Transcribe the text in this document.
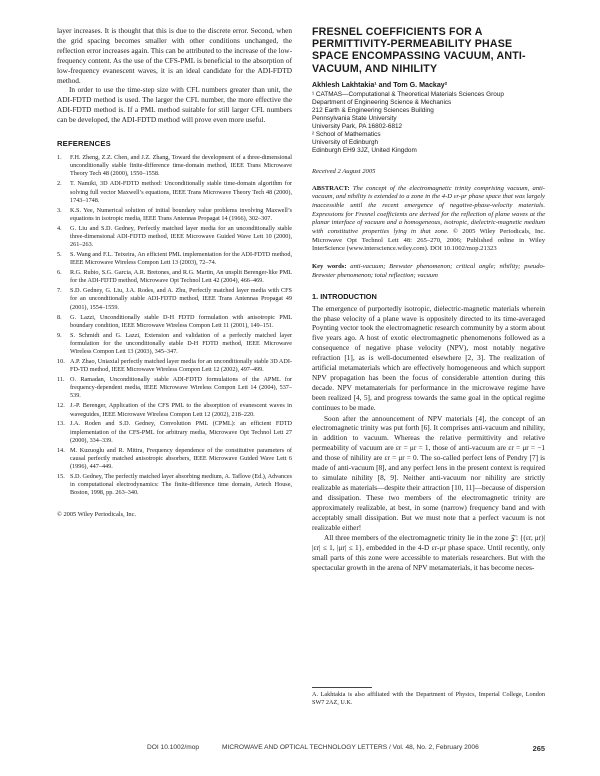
layer increases. It is thought that this is due to the discrete error. Second, when the grid spacing becomes smaller with other conditions unchanged, the reflection error increases again. This can be attributed to the increase of the low-frequency content. As the use of the CFS-PML is beneficial to the absorption of low-frequency evanescent waves, it is an ideal candidate for the ADI-FDTD method.

In order to use the time-step size with CFL numbers greater than unit, the ADI-FDTD method is used. The larger the CFL number, the more effective the ADI-FDTD method is. If a PML method suitable for still larger CFL numbers can be developed, the ADI-FDTD method will prove even more useful.

REFERENCES
1. F.H. Zheng, Z.Z. Chen, and J.Z. Zhang, Toward the development of a three-dimensional unconditionally stable finite-difference time-domain method, IEEE Trans Microwave Theory Tech 48 (2000), 1550–1558.
2. T. Namiki, 3D ADI-FDTD method: Unconditionally stable time-domain algorithm for solving full vector Maxwell’s equations, IEEE Trans Microwave Theory Tech 48 (2000), 1743–1748.
3. K.S. Yee, Numerical solution of initial boundary value problems involving Maxwell’s equations in isotropic media, IEEE Trans Antennas Propagat 14 (1966), 302–307.
4. G. Liu and S.D. Gedney, Perfectly matched layer media for an unconditionally stable three-dimensional ADI-FDTD method, IEEE Microwave Guided Wave Lett 10 (2000), 261–263.
5. S. Wang and F.L. Teixeira, An efficient PML implementation for the ADI-FDTD method, IEEE Microwave Wireless Compon Lett 13 (2003), 72–74.
6. R.G. Rubio, S.G. Garcia, A.R. Bretones, and R.G. Martin, An unsplit Berenger-like PML for the ADI-FDTD method, Microwave Opt Technol Lett 42 (2004), 466–469.
7. S.D. Gedney, G. Liu, J.A. Rodes, and A. Zhu, Perfectly matched layer media with CFS for an unconditionally stable ADI-FDTD method, IEEE Trans Antennas Propagat 49 (2001), 1554–1559.
8. G. Lazzi, Unconditionally stable D-H FDTD formulation with anisotropic PML boundary condition, IEEE Microwave Wireless Compon Lett 11 (2001), 149–151.
9. S. Schmidt and G. Lazzi, Extension and validation of a perfectly matched layer formulation for the unconditionally stable D-H FDTD method, IEEE Microwave Wireless Compon Lett 13 (2003), 345–347.
10. A.P. Zhao, Uniaxial perfectly matched layer media for an unconditionally stable 3D ADI-FD-TD method, IEEE Microwave Wireless Compon Lett 12 (2002), 497–499.
11. O. Ramadan, Unconditionally stable ADI-FDTD formulations of the APML for frequency-dependent media, IEEE Microwave Wireless Compon Lett 14 (2004), 537–539.
12. J.-P. Berenger, Application of the CFS PML to the absorption of evanescent waves in waveguides, IEEE Microwave Wireless Compon Lett 12 (2002), 218–220.
13. J.A. Roden and S.D. Gedney, Convolution PML (CPML): an efficient FDTD implementation of the CFS-PML for arbitrary media, Microwave Opt Technol Lett 27 (2000), 334–339.
14. M. Kuzuoglu and R. Mittra, Frequency dependence of the constitutive parameters of causal perfectly matched anisotropic absorbers, IEEE Microwave Guided Wave Lett 6 (1996), 447–449.
15. S.D. Gedney, The perfectly matched layer absorbing medium, A. Taflove (Ed.), Advances in computational electrodynamics: The finite-difference time domain, Artech House, Boston, 1998, pp. 263–340.

© 2005 Wiley Periodicals, Inc.

FRESNEL COEFFICIENTS FOR A PERMITTIVITY-PERMEABILITY PHASE SPACE ENCOMPASSING VACUUM, ANTI-VACUUM, AND NIHILITY
Akhlesh Lakhtakia¹ and Tom G. Mackay²
¹ CATMAS—Computational & Theoretical Materials Sciences Group
Department of Engineering Science & Mechanics
212 Earth & Engineering Sciences Building
Pennsylvania State University
University Park, PA 16802-6812
² School of Mathematics
University of Edinburgh
Edinburgh EH9 3JZ, United Kingdom
Received 2 August 2005

ABSTRACT: The concept of the electromagnetic trinity comprising vacuum, anti-vacuum, and nihility is extended to a zone in the 4-D εr-μr phase space that was largely inaccessible until the recent emergence of negative-phase-velocity materials. Expressions for Fresnel coefficients are derived for the reflection of plane waves at the planar interface of vacuum and a homogeneous, isotropic, dielectric-magnetic medium with constitutive properties lying in that zone. © 2005 Wiley Periodicals, Inc. Microwave Opt Technol Lett 48: 265–270, 2006; Published online in Wiley InterScience (www.interscience.wiley.com). DOI 10.1002/mop.21323

Key words: anti-vacuum; Brewster phenomenon; critical angle; nihility; pseudo-Brewster phenomenon; total reflection; vacuum

1. INTRODUCTION

The emergence of purportedly isotropic, dielectric-magnetic materials wherein the phase velocity of a plane wave is oppositely directed to its time-averaged Poynting vector took the electromagnetic research community by a storm about five years ago. A host of exotic electromagnetic phenomenons followed as a consequence of negative phase velocity (NPV), most notably negative refraction [1], as is well-documented elsewhere [2, 3]. The realization of artificial metamaterials which are effectively homogeneous and which support NPV propagation has been the focus of considerable attention during this decade. NPV metamaterials for performance in the microwave regime have been realized [4, 5], and progress towards the same goal in the optical regime continues to be made.

Soon after the announcement of NPV materials [4], the concept of an electromagnetic trinity was put forth [6]. It comprises anti-vacuum and nihility, in addition to vacuum. Whereas the relative permittivity and relative permeability of vacuum are εr = μr = 1, those of anti-vacuum are εr = μr = −1 and those of nihility are εr = μr = 0. The so-called perfect lens of Pendry [7] is made of anti-vacuum [8], and any perfect lens in the present context is required to simulate nihility [8, 9]. Neither anti-vacuum nor nihility are strictly realizable as materials—despite their attraction [10, 11]—because of dispersion and dissipation. These two members of the electromagnetic trinity are approximately realizable, at best, in some (narrow) frequency band and with acceptably small dissipation. But we must note that a perfect vacuum is not realizable either!

All three members of the electromagnetic trinity lie in the zone 𝒵: {(εr, μr)| |εr| ≤ 1, |μr| ≤ 1}, embedded in the 4-D εr-μr phase space. Until recently, only small parts of this zone were accessible to materials researchers. But with the spectacular growth in the arena of NPV metamaterials, it has become neces-

A. Lakhtakia is also affiliated with the Department of Physics, Imperial College, London SW7 2AZ, U.K.

DOI 10.1002/mop	MICROWAVE AND OPTICAL TECHNOLOGY LETTERS / Vol. 48, No. 2, February 2006	265
